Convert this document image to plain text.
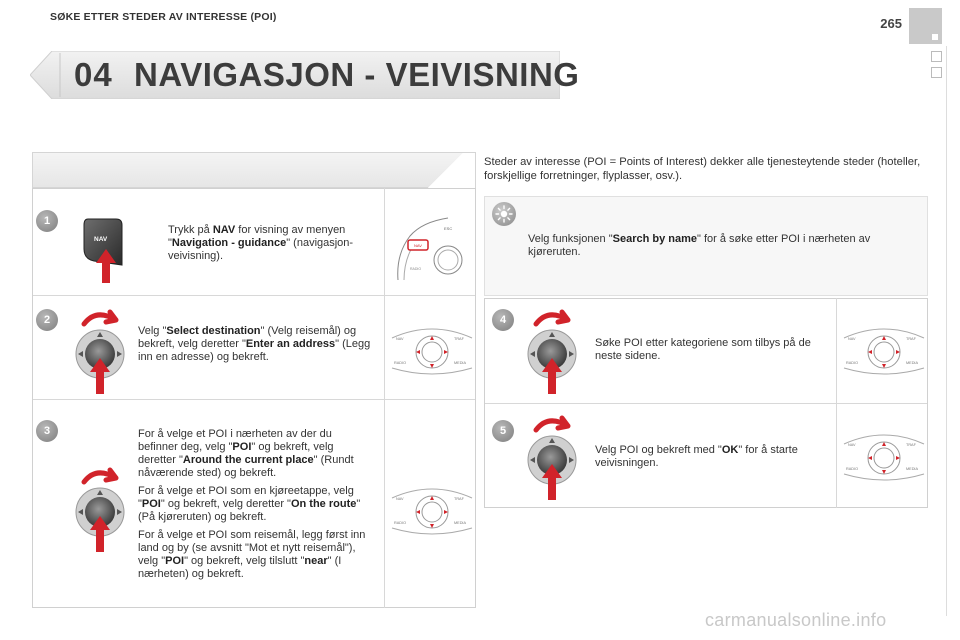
265
04 NAVIGASJON - VEIVISNING
SØKE ETTER STEDER AV INTERESSE (POI)
Steder av interesse (POI = Points of Interest) dekker alle tjenesteytende steder (hoteller, forskjellige forretninger, flyplasser, osv.).
1
NAV
Trykk på NAV for visning av menyen "Navigation - guidance" (navigasjon-veivisning).
NAV
ESC
RADIO
2
Velg "Select destination" (Velg reisemål) og bekreft, velg deretter "Enter an address" (Legg inn en adresse) og bekreft.
NAV	TRAF
RADIO	MEDIA
3	For å velge et POI i nærheten av der du befinner deg, velg "POI" og bekreft, velg deretter "Around the current place" (Rundt nåværende sted) og bekreft.

For å velge et POI som en kjøreetappe, velg "POI" og bekreft, velg deretter "On the route" (På kjøreruten) og bekreft.

For å velge et POI som reisemål, legg først inn land og by (se avsnitt "Mot et nytt reisemål"), velg "POI" og bekreft, velg tilslutt "near" (I nærheten) og bekreft.

NAV	TRAF
RADIO	MEDIA
Velg funksjonen "Search by name" for å søke etter POI i nærheten av kjøreruten.
4
Søke POI etter kategoriene som tilbys på de neste sidene.
NAV	TRAF
RADIO	MEDIA
5
Velg POI og bekreft med "OK" for å starte veivisningen.
NAV	TRAF
RADIO	MEDIA
carmanualsonline.info
